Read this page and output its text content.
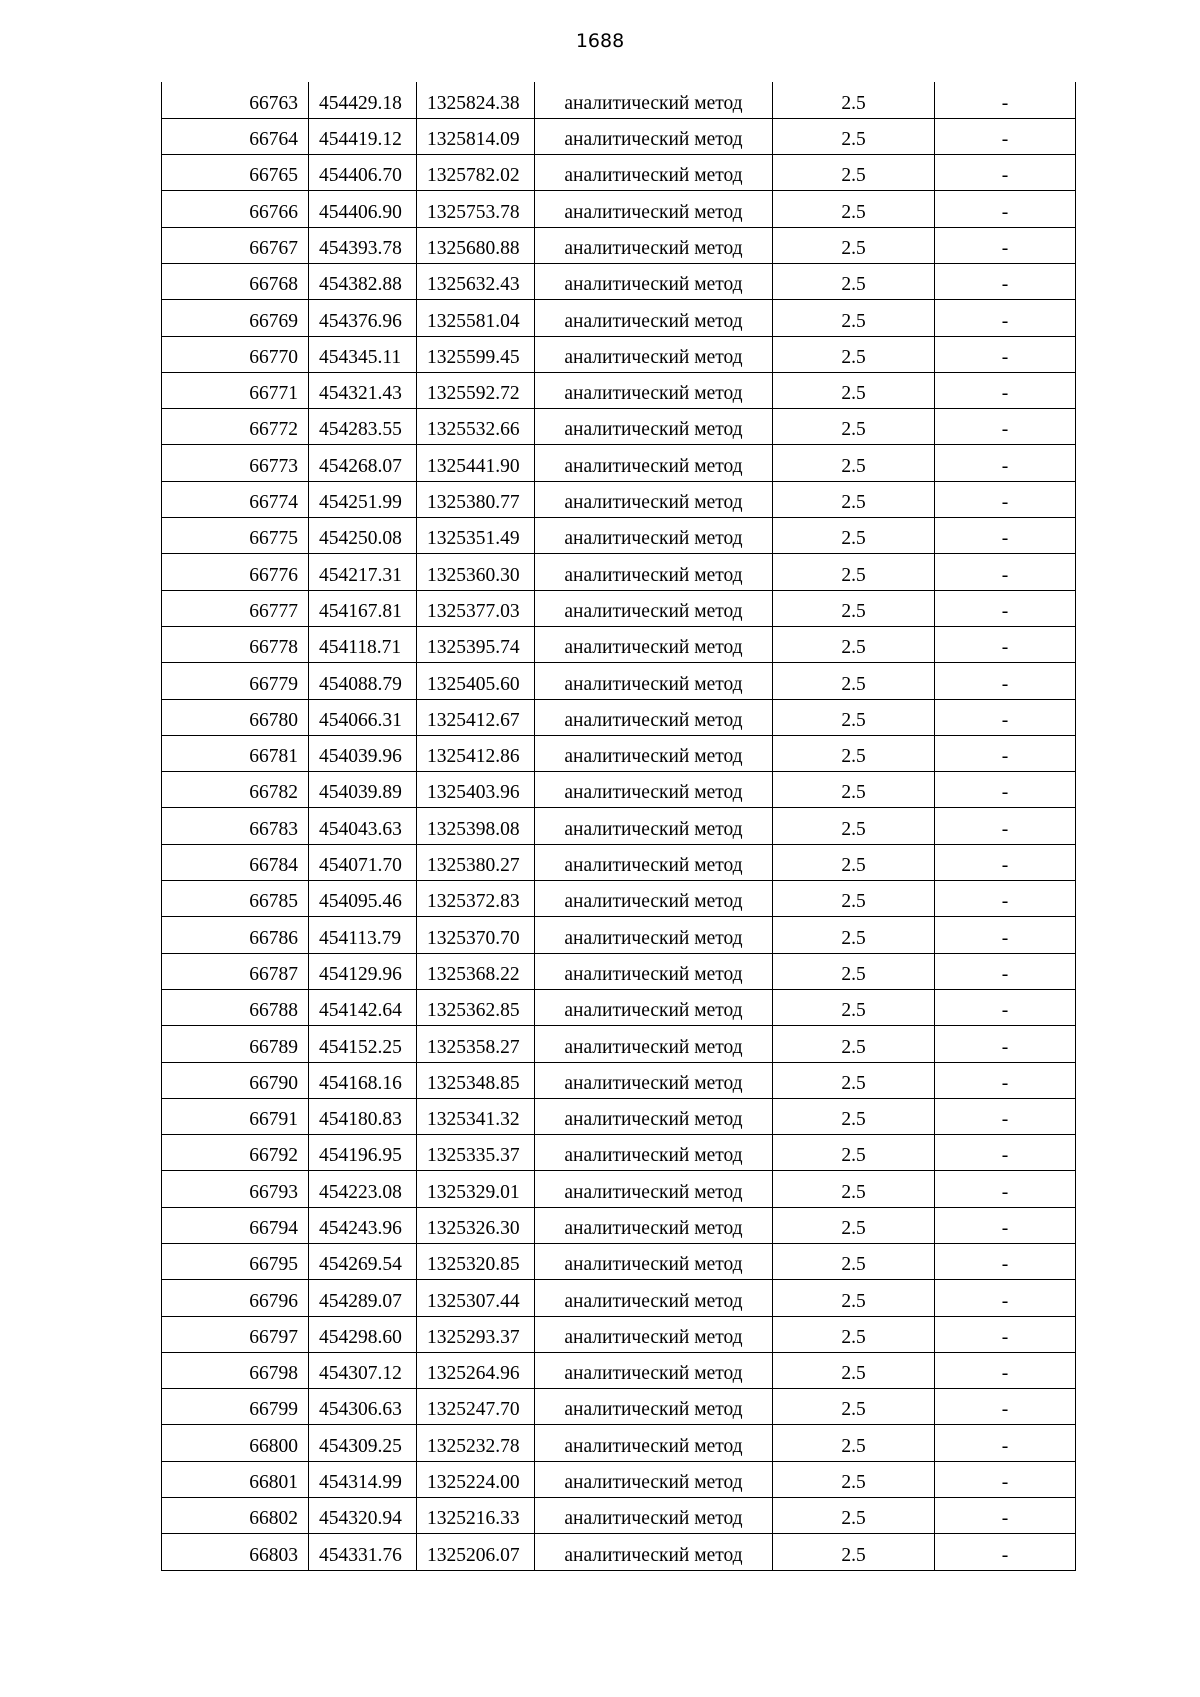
1688
66763	454429.18	1325824.38	аналитический метод	2.5	-
66764	454419.12	1325814.09	аналитический метод	2.5	-
66765	454406.70	1325782.02	аналитический метод	2.5	-
66766	454406.90	1325753.78	аналитический метод	2.5	-
66767	454393.78	1325680.88	аналитический метод	2.5	-
66768	454382.88	1325632.43	аналитический метод	2.5	-
66769	454376.96	1325581.04	аналитический метод	2.5	-
66770	454345.11	1325599.45	аналитический метод	2.5	-
66771	454321.43	1325592.72	аналитический метод	2.5	-
66772	454283.55	1325532.66	аналитический метод	2.5	-
66773	454268.07	1325441.90	аналитический метод	2.5	-
66774	454251.99	1325380.77	аналитический метод	2.5	-
66775	454250.08	1325351.49	аналитический метод	2.5	-
66776	454217.31	1325360.30	аналитический метод	2.5	-
66777	454167.81	1325377.03	аналитический метод	2.5	-
66778	454118.71	1325395.74	аналитический метод	2.5	-
66779	454088.79	1325405.60	аналитический метод	2.5	-
66780	454066.31	1325412.67	аналитический метод	2.5	-
66781	454039.96	1325412.86	аналитический метод	2.5	-
66782	454039.89	1325403.96	аналитический метод	2.5	-
66783	454043.63	1325398.08	аналитический метод	2.5	-
66784	454071.70	1325380.27	аналитический метод	2.5	-
66785	454095.46	1325372.83	аналитический метод	2.5	-
66786	454113.79	1325370.70	аналитический метод	2.5	-
66787	454129.96	1325368.22	аналитический метод	2.5	-
66788	454142.64	1325362.85	аналитический метод	2.5	-
66789	454152.25	1325358.27	аналитический метод	2.5	-
66790	454168.16	1325348.85	аналитический метод	2.5	-
66791	454180.83	1325341.32	аналитический метод	2.5	-
66792	454196.95	1325335.37	аналитический метод	2.5	-
66793	454223.08	1325329.01	аналитический метод	2.5	-
66794	454243.96	1325326.30	аналитический метод	2.5	-
66795	454269.54	1325320.85	аналитический метод	2.5	-
66796	454289.07	1325307.44	аналитический метод	2.5	-
66797	454298.60	1325293.37	аналитический метод	2.5	-
66798	454307.12	1325264.96	аналитический метод	2.5	-
66799	454306.63	1325247.70	аналитический метод	2.5	-
66800	454309.25	1325232.78	аналитический метод	2.5	-
66801	454314.99	1325224.00	аналитический метод	2.5	-
66802	454320.94	1325216.33	аналитический метод	2.5	-
66803	454331.76	1325206.07	аналитический метод	2.5	-
